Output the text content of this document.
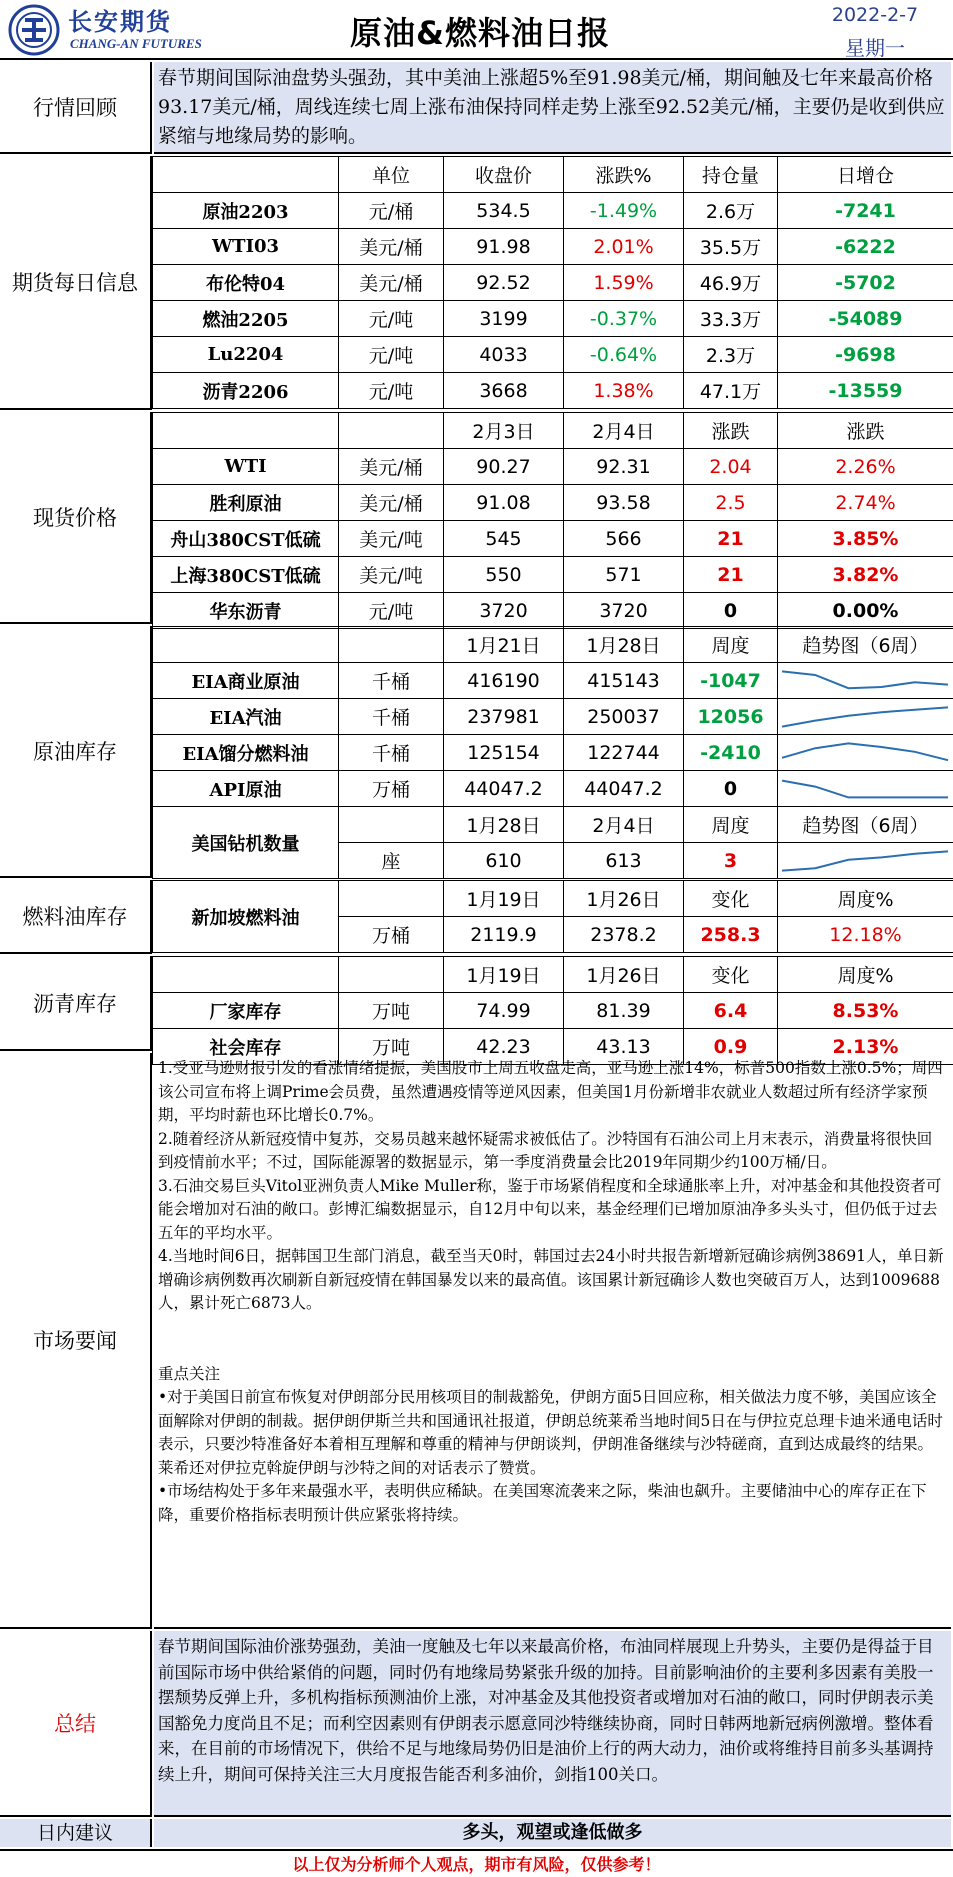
长安期货
CHANG-AN FUTURES	原油&燃料油日报	2022-2-7
星期一
行情回顾
春节期间国际油盘势头强劲，其中美油上涨超5%至91.98美元/桶，期间触及七年来最高价格93.17美元/桶，周线连续七周上涨布油保持同样走势上涨至92.52美元/桶，主要仍是收到供应紧缩与地缘局势的影响。
期货每日信息
	单位	收盘价	涨跌%	持仓量	日增仓
原油2203	元/桶	534.5	-1.49%	2.6万	-7241
WTI03	美元/桶	91.98	2.01%	35.5万	-6222
布伦特04	美元/桶	92.52	1.59%	46.9万	-5702
燃油2205	元/吨	3199	-0.37%	33.3万	-54089
Lu2204	元/吨	4033	-0.64%	2.3万	-9698
沥青2206	元/吨	3668	1.38%	47.1万	-13559
现货价格
		2月3日	2月4日	涨跌	涨跌
WTI	美元/桶	90.27	92.31	2.04	2.26%
胜利原油	美元/桶	91.08	93.58	2.5	2.74%
舟山380CST低硫	美元/吨	545	566	21	3.85%
上海380CST低硫	美元/吨	550	571	21	3.82%
华东沥青	元/吨	3720	3720	0	0.00%
原油库存
		1月21日	1月28日	周度	趋势图（6周）
EIA商业原油	千桶	416190	415143	-1047	

EIA汽油	千桶	237981	250037	12056	

EIA馏分燃料油	千桶	125154	122744	-2410	

API原油	万桶	44047.2	44047.2	0	

美国钻机数量		1月28日	2月4日	周度	趋势图（6周）
	座	610	613	3	
燃料油库存	新加坡燃料油		1月19日	1月26日	变化	周度%
	万桶	2119.9	2378.2	258.3	12.18%
沥青库存
		1月19日	1月26日	变化	周度%
厂家库存	万吨	74.99	81.39	6.4	8.53%
社会库存	万吨	42.23	43.13	0.9	2.13%
市场要闻

1.受亚马逊财报引发的看涨情绪提振，美国股市上周五收盘走高，亚马逊上涨14%，标普500指数上涨0.5%；周四该公司宣布将上调Prime会员费，虽然遭遇疫情等逆风因素，但美国1月份新增非农就业人数超过所有经济学家预期，平均时薪也环比增长0.7%。

2.随着经济从新冠疫情中复苏，交易员越来越怀疑需求被低估了。沙特国有石油公司上月末表示，消费量将很快回到疫情前水平；不过，国际能源署的数据显示，第一季度消费量会比2019年同期少约100万桶/日。

3.石油交易巨头Vitol亚洲负责人Mike Muller称，鉴于市场紧俏程度和全球通胀率上升，对冲基金和其他投资者可能会增加对石油的敞口。彭博汇编数据显示，自12月中旬以来，基金经理们已增加原油净多头头寸，但仍低于过去五年的平均水平。

4.当地时间6日，据韩国卫生部门消息，截至当天0时，韩国过去24小时共报告新增新冠确诊病例38691人，单日新增确诊病例数再次刷新自新冠疫情在韩国暴发以来的最高值。该国累计新冠确诊人数也突破百万人，达到1009688人，累计死亡6873人。

重点关注

•对于美国日前宣布恢复对伊朗部分民用核项目的制裁豁免，伊朗方面5日回应称，相关做法力度不够，美国应该全面解除对伊朗的制裁。据伊朗伊斯兰共和国通讯社报道，伊朗总统莱希当地时间5日在与伊拉克总理卡迪米通电话时表示，只要沙特准备好本着相互理解和尊重的精神与伊朗谈判，伊朗准备继续与沙特磋商，直到达成最终的结果。莱希还对伊拉克斡旋伊朗与沙特之间的对话表示了赞赏。

•市场结构处于多年来最强水平，表明供应稀缺。在美国寒流袭来之际，柴油也飙升。主要储油中心的库存正在下降，重要价格指标表明预计供应紧张将持续。

总结
春节期间国际油价涨势强劲，美油一度触及七年以来最高价格，布油同样展现上升势头，主要仍是得益于目前国际市场中供给紧俏的问题，同时仍有地缘局势紧张升级的加持。目前影响油价的主要利多因素有美股一摆颓势反弹上升，多机构指标预测油价上涨，对冲基金及其他投资者或增加对石油的敞口，同时伊朗表示美国豁免力度尚且不足；而利空因素则有伊朗表示愿意同沙特继续协商，同时日韩两地新冠病例激增。整体看来，在目前的市场情况下，供给不足与地缘局势仍旧是油价上行的两大动力，油价或将维持目前多头基调持续上升，期间可保持关注三大月度报告能否利多油价，剑指100关口。
日内建议	多头，观望或逢低做多
以上仅为分析师个人观点，期市有风险，仅供参考！
